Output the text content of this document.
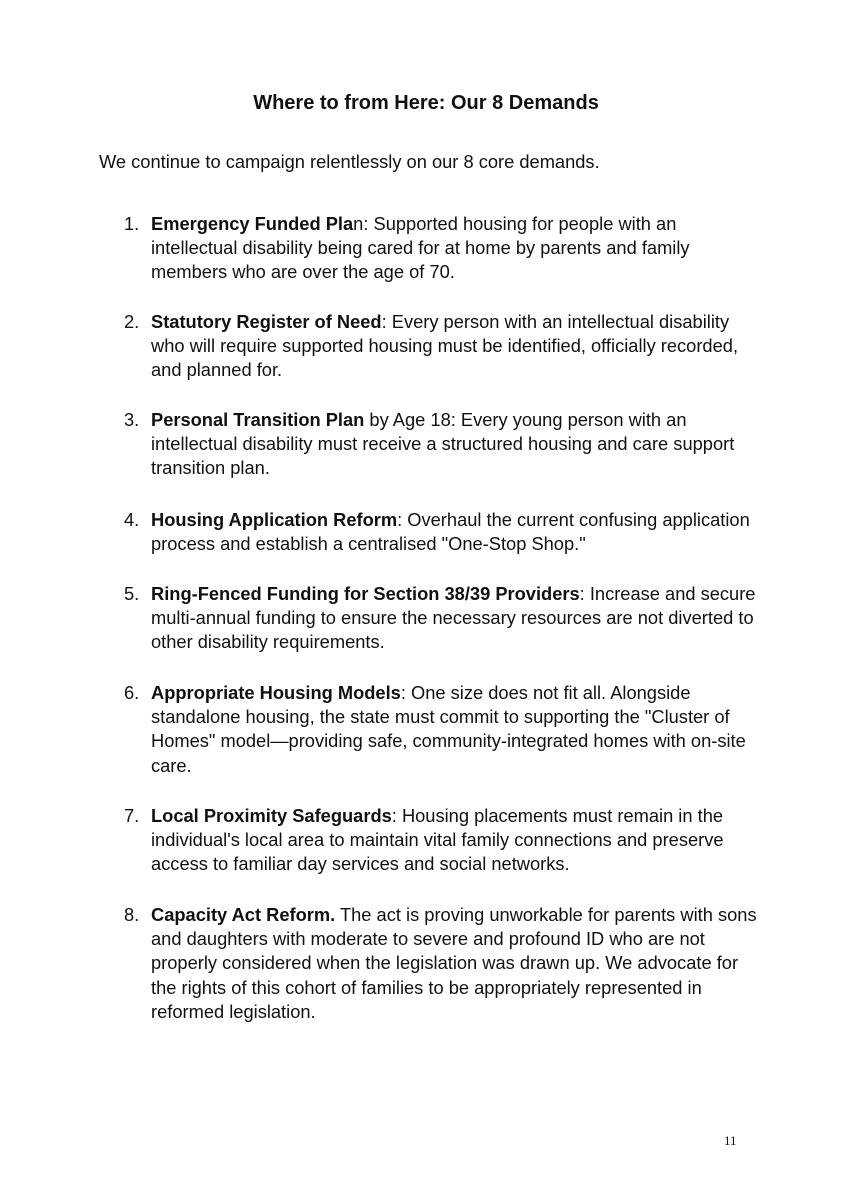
Where to from Here: Our 8 Demands

We continue to campaign relentlessly on our 8 core demands.

1. Emergency Funded Plan: Supported housing for people with an intellectual disability being cared for at home by parents and family members who are over the age of 70.

2. Statutory Register of Need: Every person with an intellectual disability who will require supported housing must be identified, officially recorded, and planned for.

3. Personal Transition Plan by Age 18: Every young person with an intellectual disability must receive a structured housing and care support transition plan.

4. Housing Application Reform: Overhaul the current confusing application process and establish a centralised "One-Stop Shop."

5. Ring-Fenced Funding for Section 38/39 Providers: Increase and secure multi-annual funding to ensure the necessary resources are not diverted to other disability requirements.

6. Appropriate Housing Models: One size does not fit all. Alongside standalone housing, the state must commit to supporting the "Cluster of Homes" model—providing safe, community-integrated homes with on-site care.

7. Local Proximity Safeguards: Housing placements must remain in the individual's local area to maintain vital family connections and preserve access to familiar day services and social networks.

8. Capacity Act Reform. The act is proving unworkable for parents with sons and daughters with moderate to severe and profound ID who are not properly considered when the legislation was drawn up. We advocate for the rights of this cohort of families to be appropriately represented in reformed legislation.

11
